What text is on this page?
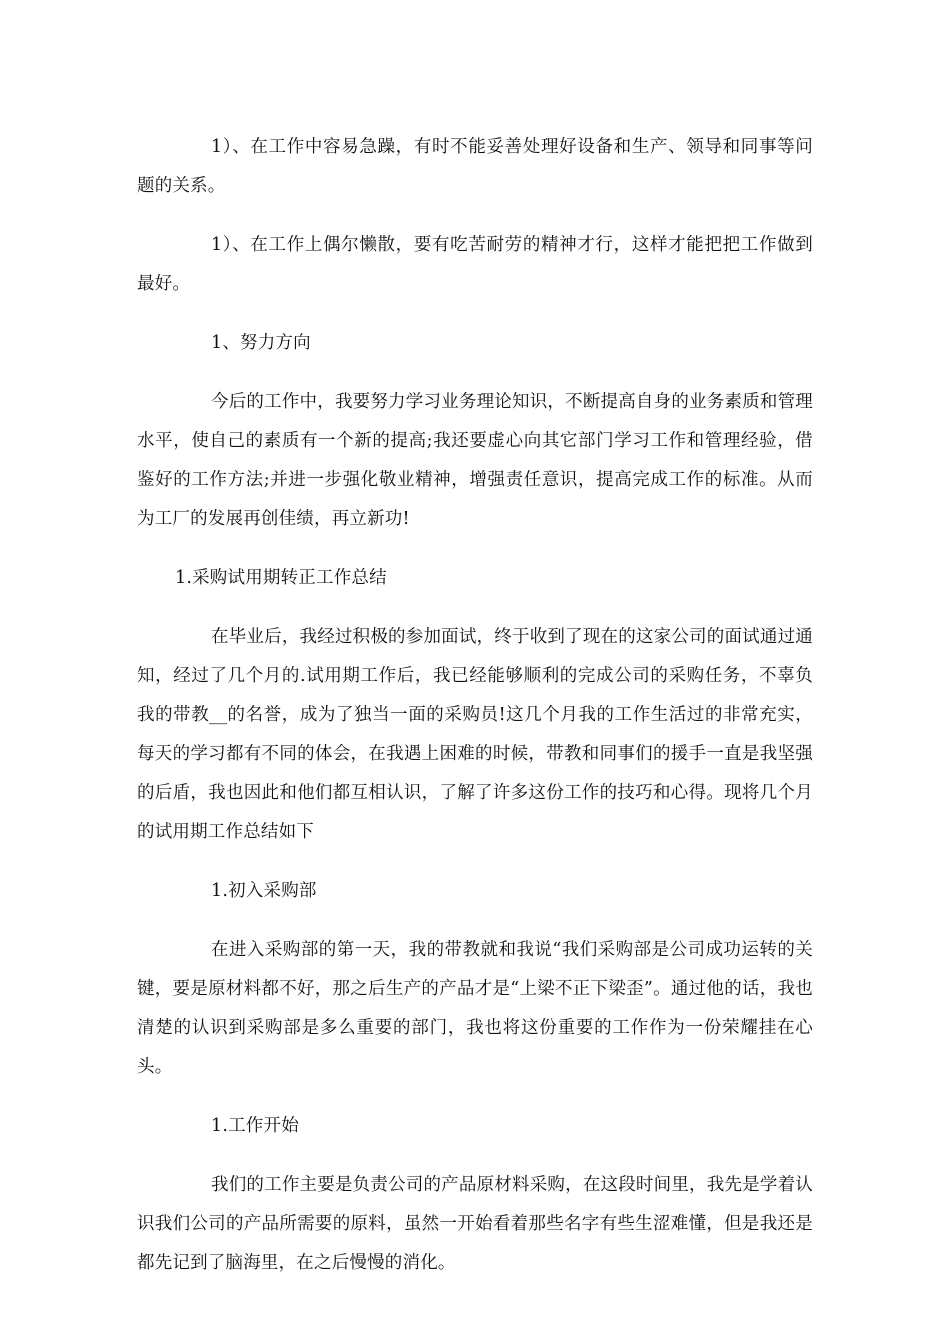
1）、在工作中容易急躁，有时不能妥善处理好设备和生产、领导和同事等问题的关系。

1）、在工作上偶尔懒散，要有吃苦耐劳的精神才行，这样才能把把工作做到最好。

1、努力方向

今后的工作中，我要努力学习业务理论知识，不断提高自身的业务素质和管理水平，使自己的素质有一个新的提高;我还要虚心向其它部门学习工作和管理经验，借鉴好的工作方法;并进一步强化敬业精神，增强责任意识，提高完成工作的标准。从而为工厂的发展再创佳绩，再立新功!

1.采购试用期转正工作总结

在毕业后，我经过积极的参加面试，终于收到了现在的这家公司的面试通过通知，经过了几个月的.试用期工作后，我已经能够顺利的完成公司的采购任务，不辜负我的带教__的名誉，成为了独当一面的采购员!这几个月我的工作生活过的非常充实，每天的学习都有不同的体会，在我遇上困难的时候，带教和同事们的援手一直是我坚强的后盾，我也因此和他们都互相认识，了解了许多这份工作的技巧和心得。现将几个月的试用期工作总结如下

1.初入采购部

在进入采购部的第一天，我的带教就和我说“我们采购部是公司成功运转的关键，要是原材料都不好，那之后生产的产品才是“上梁不正下梁歪”。通过他的话，我也清楚的认识到采购部是多么重要的部门，我也将这份重要的工作作为一份荣耀挂在心头。

1.工作开始

我们的工作主要是负责公司的产品原材料采购，在这段时间里，我先是学着认识我们公司的产品所需要的原料，虽然一开始看着那些名字有些生涩难懂，但是我还是都先记到了脑海里，在之后慢慢的消化。
